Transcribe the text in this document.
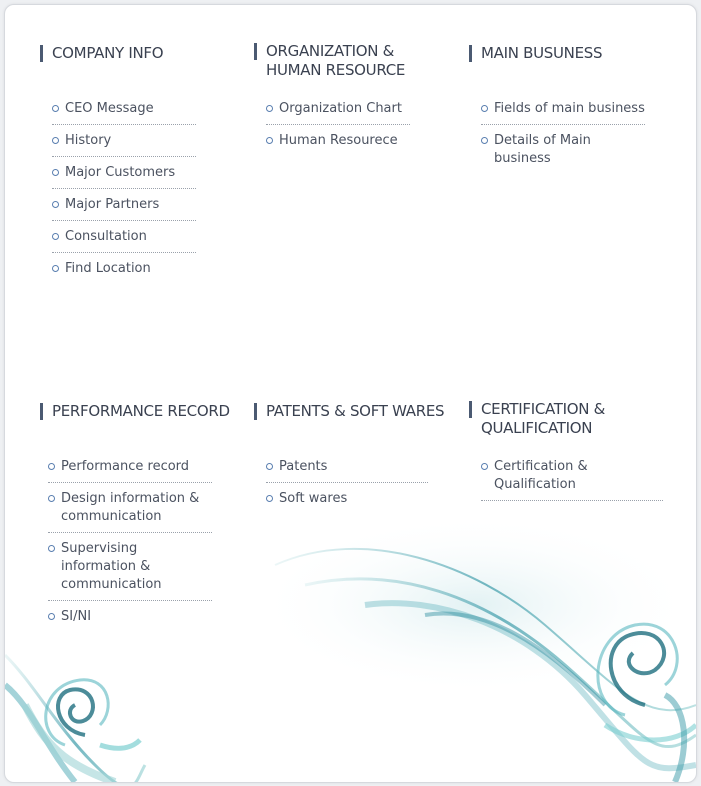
COMPANY INFO
CEO Message
History
Major Customers
Major Partners
Consultation
Find Location
ORGANIZATION &
HUMAN RESOURCE
Organization Chart
Human Resourece
MAIN BUSUNESS
Fields of main business
Details of Main business
PERFORMANCE RECORD
Performance record
Design information &
communication
Supervising information &
communication
SI/NI
PATENTS & SOFT WARES
Patents
Soft wares
CERTIFICATION &
QUALIFICATION
Certification & Qualification
